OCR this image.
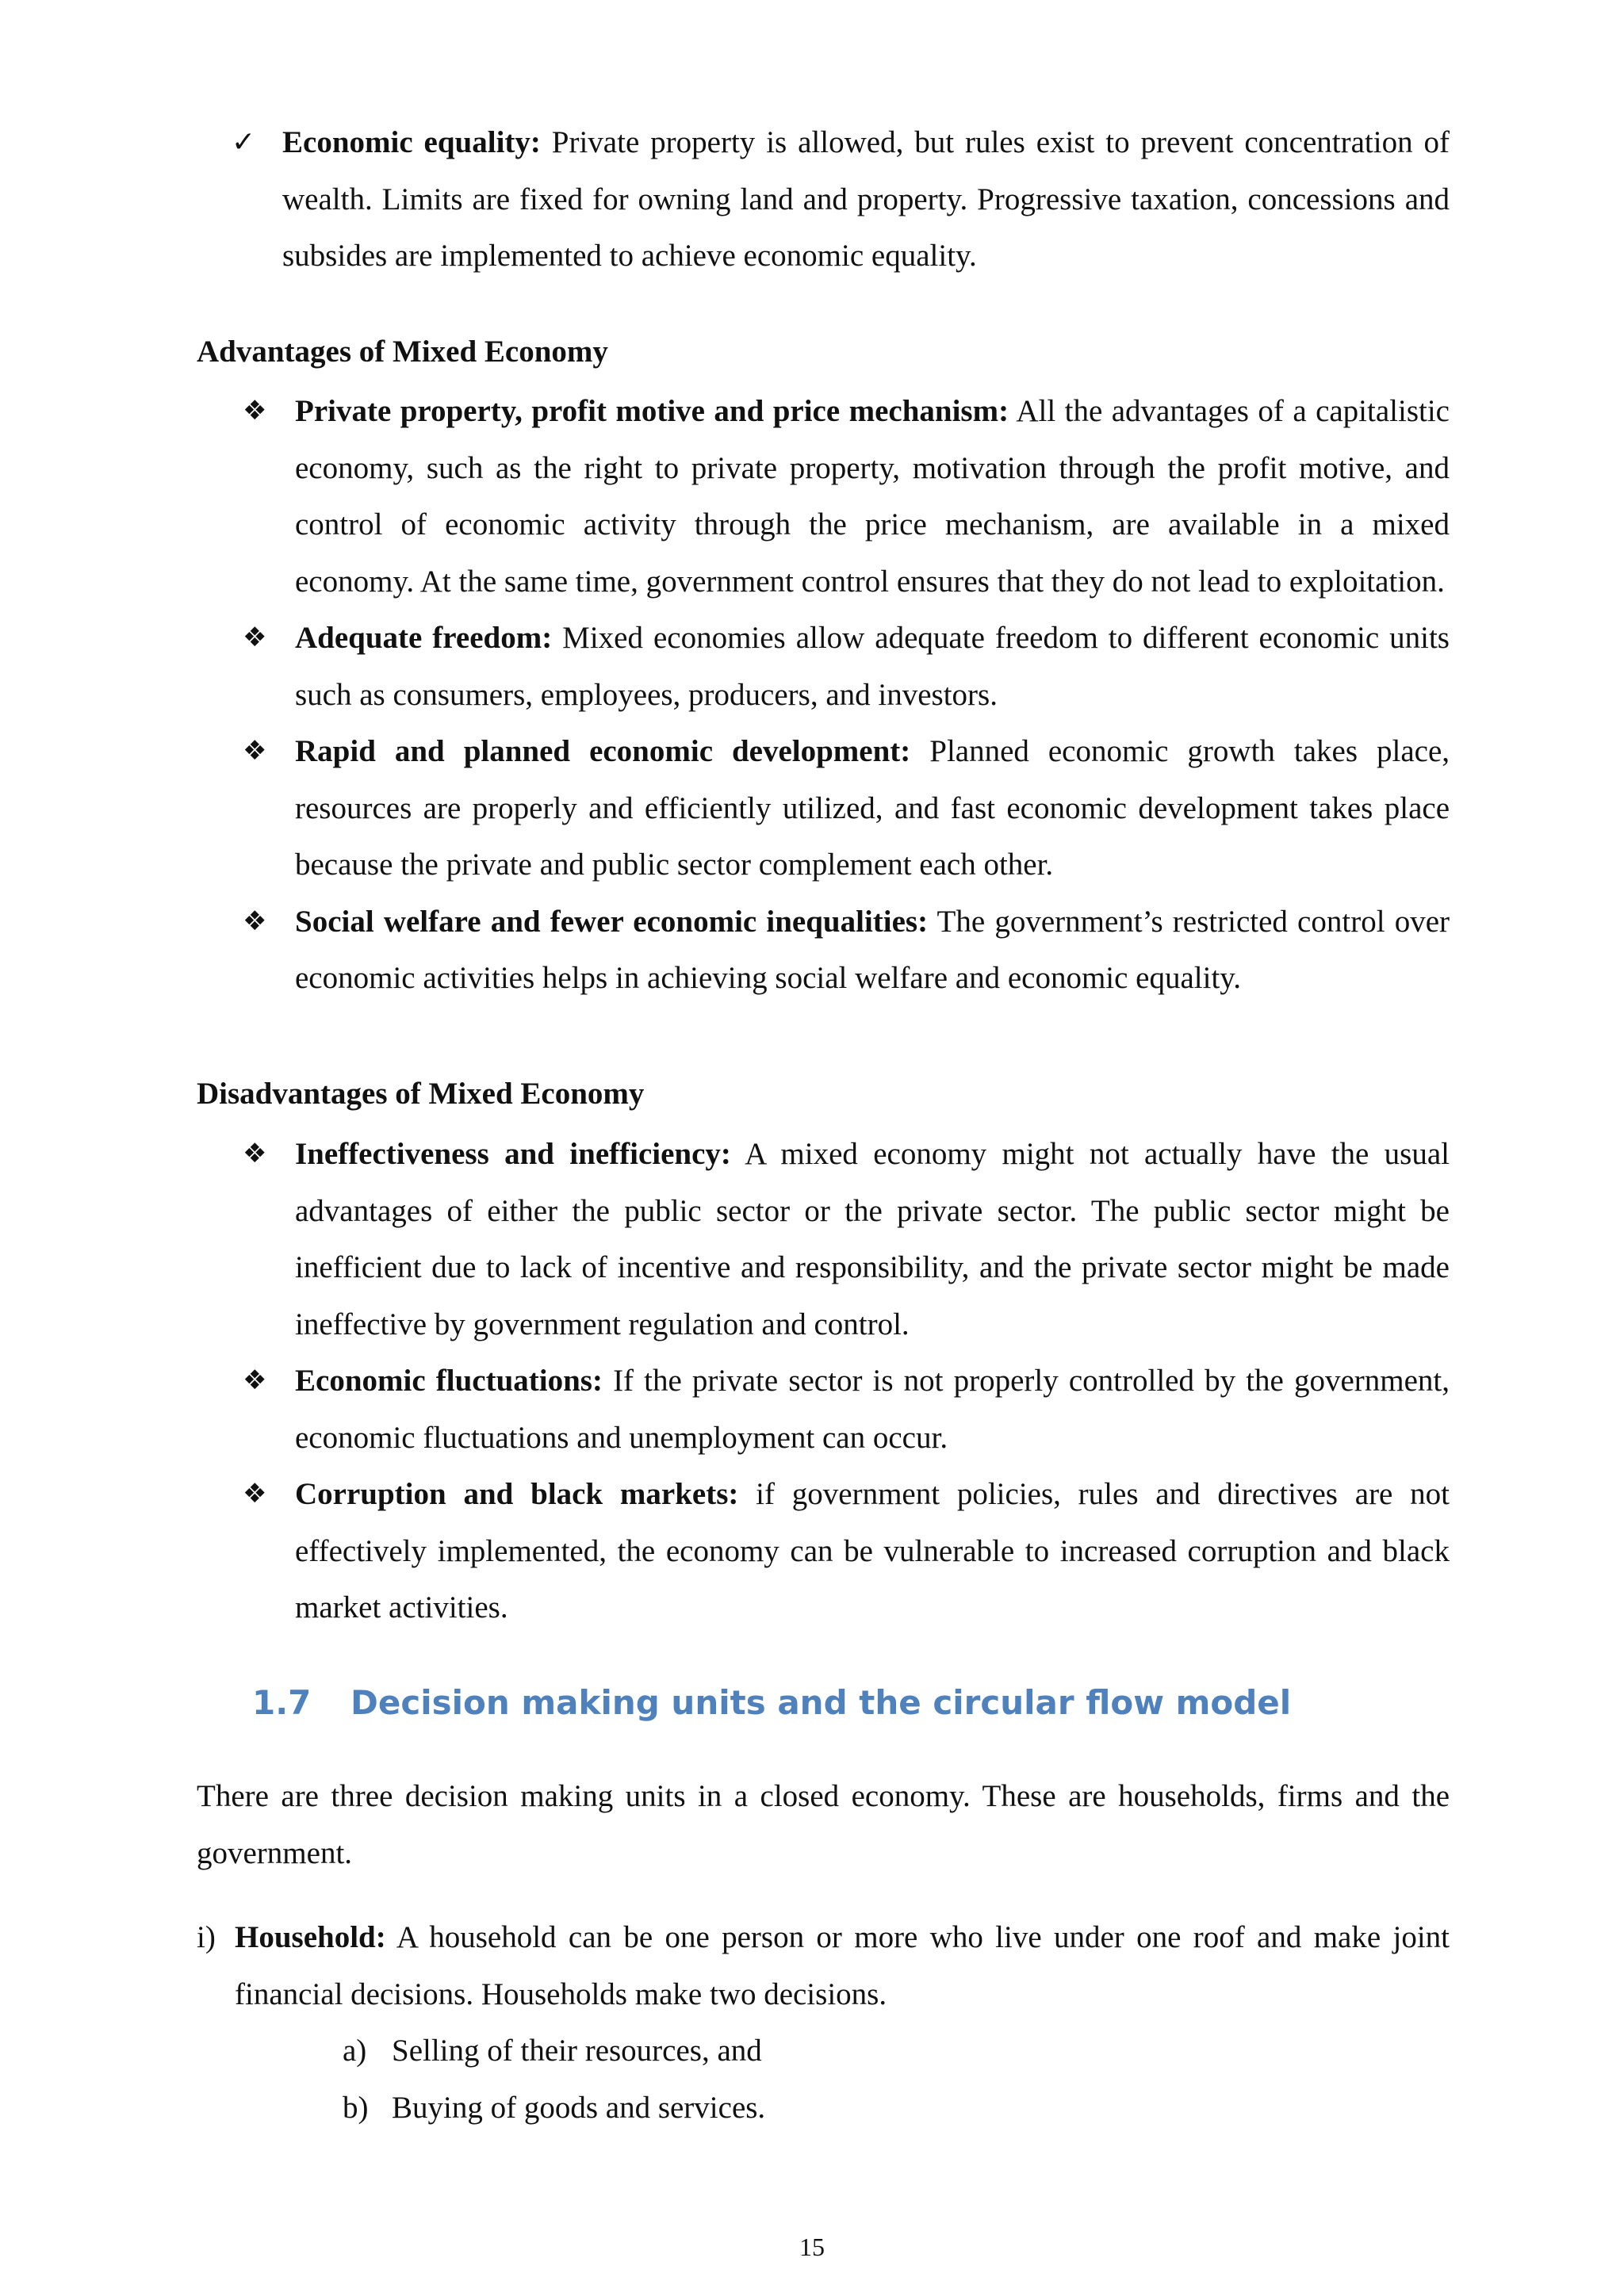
✓ Economic equality: Private property is allowed, but rules exist to prevent concentration of wealth. Limits are fixed for owning land and property. Progressive taxation, concessions and subsides are implemented to achieve economic equality.
Advantages of Mixed Economy
❖ Private property, profit motive and price mechanism: All the advantages of a capitalistic economy, such as the right to private property, motivation through the profit motive, and control of economic activity through the price mechanism, are available in a mixed economy. At the same time, government control ensures that they do not lead to exploitation.
❖ Adequate freedom: Mixed economies allow adequate freedom to different economic units such as consumers, employees, producers, and investors.
❖ Rapid and planned economic development: Planned economic growth takes place, resources are properly and efficiently utilized, and fast economic development takes place because the private and public sector complement each other.
❖ Social welfare and fewer economic inequalities: The government’s restricted control over economic activities helps in achieving social welfare and economic equality.
Disadvantages of Mixed Economy
❖ Ineffectiveness and inefficiency: A mixed economy might not actually have the usual advantages of either the public sector or the private sector. The public sector might be inefficient due to lack of incentive and responsibility, and the private sector might be made ineffective by government regulation and control.
❖ Economic fluctuations: If the private sector is not properly controlled by the government, economic fluctuations and unemployment can occur.
❖ Corruption and black markets: if government policies, rules and directives are not effectively implemented, the economy can be vulnerable to increased corruption and black market activities.
1.7 Decision making units and the circular flow model
There are three decision making units in a closed economy. These are households, firms and the government.
i) Household: A household can be one person or more who live under one roof and make joint financial decisions. Households make two decisions.
a) Selling of their resources, and
b) Buying of goods and services.
15
